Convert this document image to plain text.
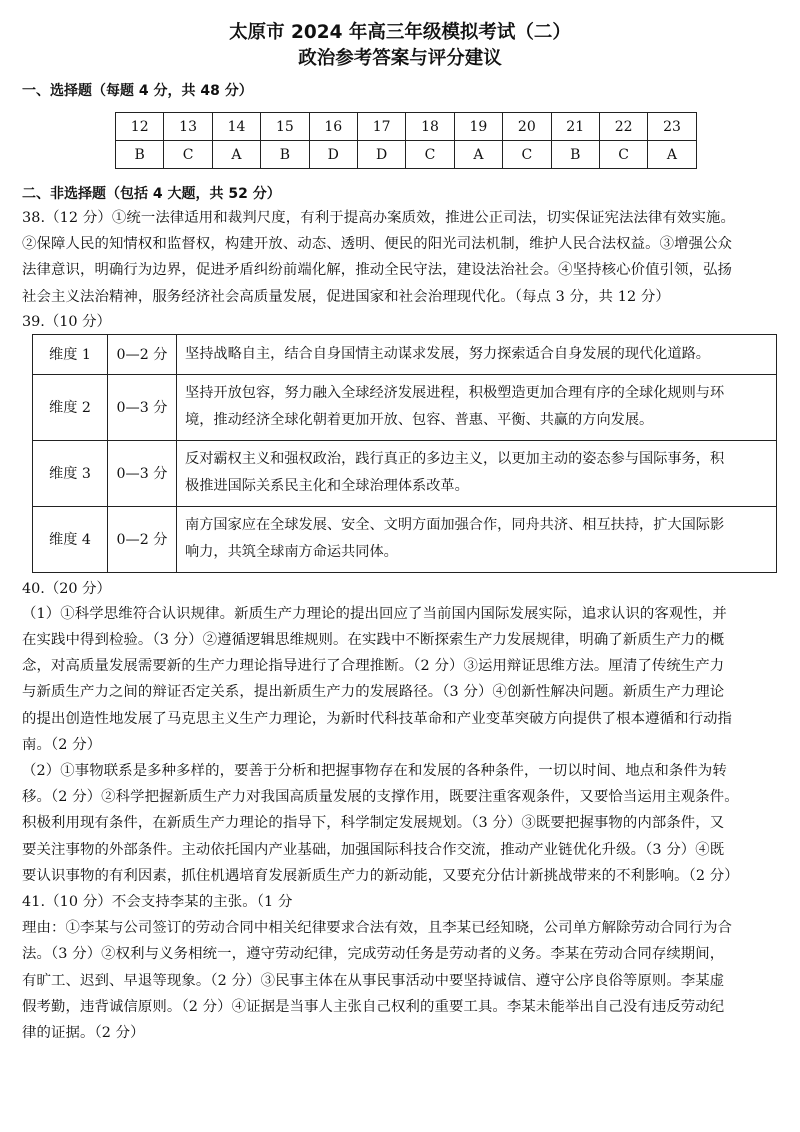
太原市 2024 年高三年级模拟考试（二）
政治参考答案与评分建议
一、选择题（每题 4 分，共 48 分）
12	13	14	15	16	17	18	19	20	21	22	23
B	C	A	B	D	D	C	A	C	B	C	A
二、非选择题（包括 4 大题，共 52 分）
38.（12 分）①统一法律适用和裁判尺度，有利于提高办案质效，推进公正司法，切实保证宪法法律有效实施。
②保障人民的知情权和监督权，构建开放、动态、透明、便民的阳光司法机制，维护人民合法权益。③增强公众
法律意识，明确行为边界，促进矛盾纠纷前端化解，推动全民守法，建设法治社会。④坚持核心价值引领，弘扬
社会主义法治精神，服务经济社会高质量发展，促进国家和社会治理现代化。（每点 3 分，共 12 分）
39.（10 分）
维度 1	0—2 分	坚持战略自主，结合自身国情主动谋求发展，努力探索适合自身发展的现代化道路。

维度 2	0—3 分	坚持开放包容，努力融入全球经济发展进程，积极塑造更加合理有序的全球化规则与环
境，推动经济全球化朝着更加开放、包容、普惠、平衡、共赢的方向发展。

维度 3	0—3 分	反对霸权主义和强权政治，践行真正的多边主义，以更加主动的姿态参与国际事务，积
极推进国际关系民主化和全球治理体系改革。

维度 4	0—2 分	南方国家应在全球发展、安全、文明方面加强合作，同舟共济、相互扶持，扩大国际影
响力，共筑全球南方命运共同体。
40.（20 分）
（1）①科学思维符合认识规律。新质生产力理论的提出回应了当前国内国际发展实际，追求认识的客观性，并
在实践中得到检验。（3 分）②遵循逻辑思维规则。在实践中不断探索生产力发展规律，明确了新质生产力的概
念，对高质量发展需要新的生产力理论指导进行了合理推断。（2 分）③运用辩证思维方法。厘清了传统生产力
与新质生产力之间的辩证否定关系，提出新质生产力的发展路径。（3 分）④创新性解决问题。新质生产力理论
的提出创造性地发展了马克思主义生产力理论，为新时代科技革命和产业变革突破方向提供了根本遵循和行动指
南。（2 分）
（2）①事物联系是多种多样的，要善于分析和把握事物存在和发展的各种条件，一切以时间、地点和条件为转
移。（2 分）②科学把握新质生产力对我国高质量发展的支撑作用，既要注重客观条件，又要恰当运用主观条件。
积极利用现有条件，在新质生产力理论的指导下，科学制定发展规划。（3 分）③既要把握事物的内部条件，又
要关注事物的外部条件。主动依托国内产业基础，加强国际科技合作交流，推动产业链优化升级。（3 分）④既
要认识事物的有利因素，抓住机遇培育发展新质生产力的新动能，又要充分估计新挑战带来的不利影响。（2 分）
41.（10 分）不会支持李某的主张。（1 分
理由：①李某与公司签订的劳动合同中相关纪律要求合法有效，且李某已经知晓，公司单方解除劳动合同行为合
法。（3 分）②权利与义务相统一，遵守劳动纪律，完成劳动任务是劳动者的义务。李某在劳动合同存续期间，
有旷工、迟到、早退等现象。（2 分）③民事主体在从事民事活动中要坚持诚信、遵守公序良俗等原则。李某虚
假考勤，违背诚信原则。（2 分）④证据是当事人主张自己权利的重要工具。李某未能举出自己没有违反劳动纪
律的证据。（2 分）
